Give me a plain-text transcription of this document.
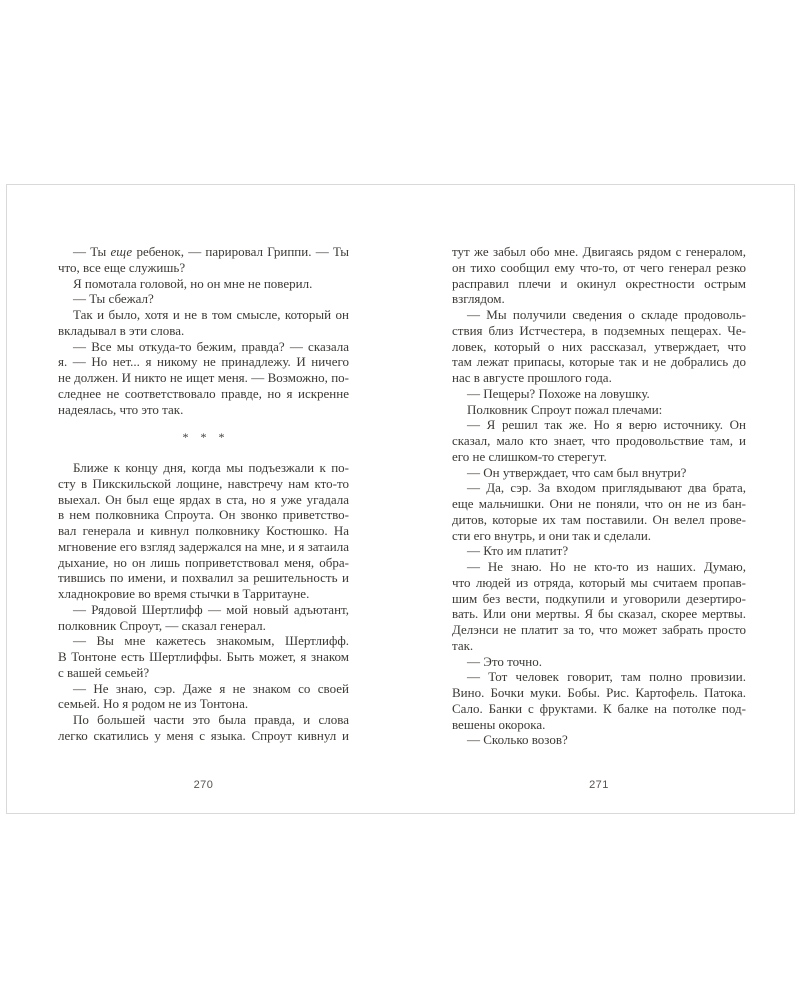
— Ты еще ребенок, — парировал Гриппи. — Ты
что, все еще служишь?
Я помотала головой, но он мне не поверил.
— Ты сбежал?
Так и было, хотя и не в том смысле, который он
вкладывал в эти слова.
— Все мы откуда-то бежим, правда? — сказала
я. — Но нет... я никому не принадлежу. И ничего
не должен. И никто не ищет меня. — Возможно, по-
следнее не соответствовало правде, но я искренне
надеялась, что это так.
* * *
Ближе к концу дня, когда мы подъезжали к по-
сту в Пикскильской лощине, навстречу нам кто-то
выехал. Он был еще ярдах в ста, но я уже угадала
в нем полковника Спроута. Он звонко приветство-
вал генерала и кивнул полковнику Костюшко. На
мгновение его взгляд задержался на мне, и я затаила
дыхание, но он лишь поприветствовал меня, обра-
тившись по имени, и похвалил за решительность и
хладнокровие во время стычки в Тарритауне.
— Рядовой Шертлифф — мой новый адъютант,
полковник Спроут, — сказал генерал.
— Вы мне кажетесь знакомым, Шертлифф.
В Тонтоне есть Шертлиффы. Быть может, я знаком
с вашей семьей?
— Не знаю, сэр. Даже я не знаком со своей
семьей. Но я родом не из Тонтона.
По большей части это была правда, и слова
легко скатились у меня с языка. Спроут кивнул и
тут же забыл обо мне. Двигаясь рядом с генералом,
он тихо сообщил ему что-то, от чего генерал резко
расправил плечи и окинул окрестности острым
взглядом.
— Мы получили сведения о складе продоволь-
ствия близ Истчестера, в подземных пещерах. Че-
ловек, который о них рассказал, утверждает, что
там лежат припасы, которые так и не добрались до
нас в августе прошлого года.
— Пещеры? Похоже на ловушку.
Полковник Спроут пожал плечами:
— Я решил так же. Но я верю источнику. Он
сказал, мало кто знает, что продовольствие там, и
его не слишком-то стерегут.
— Он утверждает, что сам был внутри?
— Да, сэр. За входом приглядывают два брата,
еще мальчишки. Они не поняли, что он не из бан-
дитов, которые их там поставили. Он велел прове-
сти его внутрь, и они так и сделали.
— Кто им платит?
— Не знаю. Но не кто-то из наших. Думаю,
что людей из отряда, который мы считаем пропав-
шим без вести, подкупили и уговорили дезертиро-
вать. Или они мертвы. Я бы сказал, скорее мертвы.
Делэнси не платит за то, что может забрать просто
так.
— Это точно.
— Тот человек говорит, там полно провизии.
Вино. Бочки муки. Бобы. Рис. Картофель. Патока.
Сало. Банки с фруктами. К балке на потолке под-
вешены окорока.
— Сколько возов?
270	271
